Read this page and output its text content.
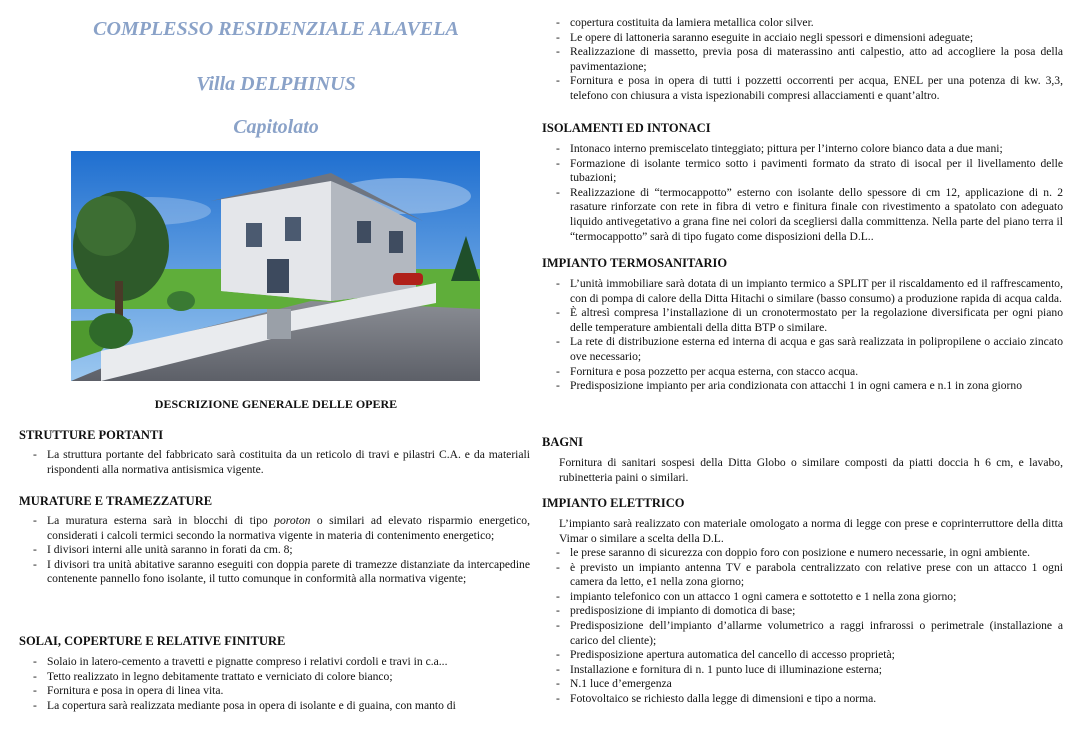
COMPLESSO RESIDENZIALE ALAVELA
Villa DELPHINUS
Capitolato
DESCRIZIONE GENERALE DELLE OPERE
STRUTTURE PORTANTI
- La struttura portante del fabbricato sarà costituita da un reticolo di travi e pilastri C.A. e da materiali rispondenti alla normativa antisismica vigente.
MURATURE E TRAMEZZATURE
- La muratura esterna sarà in blocchi di tipo poroton o similari ad elevato risparmio energetico, considerati i calcoli termici secondo la normativa vigente in materia di contenimento energetico;
- I divisori interni alle unità saranno in forati da cm. 8;
- I divisori tra unità abitative saranno eseguiti con doppia parete di tramezze distanziate da intercapedine contenente pannello fono isolante, il tutto comunque in conformità alla normativa vigente;
SOLAI, COPERTURE E RELATIVE FINITURE
- Solaio in latero-cemento a travetti e pignatte compreso i relativi cordoli e travi in c.a...
- Tetto realizzato in legno debitamente trattato e verniciato di colore bianco;
- Fornitura e posa in opera di linea vita.
- La copertura sarà realizzata mediante posa in opera di isolante e di guaina, con manto di
- copertura costituita da lamiera metallica color silver.
- Le opere di lattoneria saranno eseguite in acciaio negli spessori e dimensioni adeguate;
- Realizzazione di massetto, previa posa di materassino anti calpestio, atto ad accogliere la posa della pavimentazione;
- Fornitura e posa in opera di tutti i pozzetti occorrenti per acqua, ENEL per una potenza di kw. 3,3, telefono con chiusura a vista ispezionabili compresi allacciamenti e quant’altro.
ISOLAMENTI ED INTONACI
- Intonaco interno premiscelato tinteggiato; pittura per l’interno colore bianco data a due mani;
- Formazione di isolante termico sotto i pavimenti formato da strato di isocal per il livellamento delle tubazioni;
- Realizzazione di “termocappotto” esterno con isolante dello spessore di cm 12, applicazione di n. 2 rasature rinforzate con rete in fibra di vetro e finitura finale con rivestimento a spatolato con adeguato liquido antivegetativo a grana fine nei colori da scegliersi dalla committenza. Nella parte del piano terra il “termocappotto” sarà di tipo fugato come disposizioni della D.L..
IMPIANTO TERMOSANITARIO
- L’unità immobiliare sarà dotata di un impianto termico a SPLIT per il riscaldamento ed il raffrescamento, con di pompa di calore della Ditta Hitachi o similare (basso consumo) a produzione rapida di acqua calda.
- È altresì compresa l’installazione di un cronotermostato per la regolazione diversificata per ogni piano delle temperature ambientali della ditta BTP o similare.
- La rete di distribuzione esterna ed interna di acqua e gas sarà realizzata in polipropilene o acciaio zincato ove necessario;
- Fornitura e posa pozzetto per acqua esterna, con stacco acqua.
- Predisposizione impianto per aria condizionata con attacchi 1 in ogni camera e n.1 in zona giorno
BAGNI
Fornitura di sanitari sospesi della Ditta Globo o similare composti da piatti doccia h 6 cm, e lavabo, rubinetteria paini o similari.
IMPIANTO ELETTRICO
L’impianto sarà realizzato con materiale omologato a norma di legge con prese e coprinterruttore della ditta Vimar o similare a scelta della D.L.
- le prese saranno di sicurezza con doppio foro con posizione e numero necessarie, in ogni ambiente.
- è previsto un impianto antenna TV e parabola centralizzato con relative prese con un attacco 1 ogni camera da letto, e1 nella zona giorno;
- impianto telefonico con un attacco 1 ogni camera e sottotetto e 1 nella zona giorno;
- predisposizione di impianto di domotica di base;
- Predisposizione dell’impianto d’allarme volumetrico a raggi infrarossi o perimetrale (installazione a carico del cliente);
- Predisposizione apertura automatica del cancello di accesso proprietà;
- Installazione e fornitura di n. 1 punto luce di illuminazione esterna;
- N.1 luce d’emergenza
- Fotovoltaico se richiesto dalla legge di dimensioni e tipo a norma.
